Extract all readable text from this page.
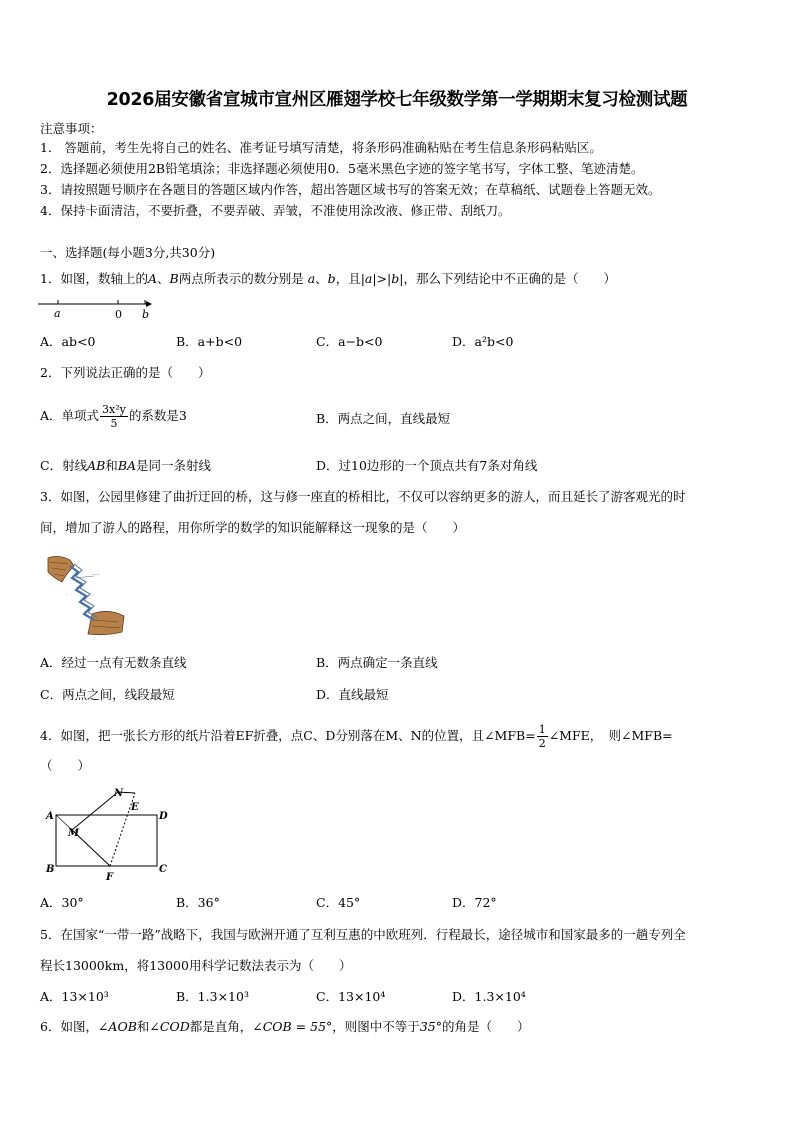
2026届安徽省宣城市宣州区雁翅学校七年级数学第一学期期末复习检测试题
注意事项：
1． 答题前，考生先将自己的姓名、准考证号填写清楚，将条形码准确粘贴在考生信息条形码粘贴区。
2．选择题必须使用2B铅笔填涂；非选择题必须使用0．5毫米黑色字迹的签字笔书写，字体工整、笔迹清楚。
3．请按照题号顺序在各题目的答题区域内作答，超出答题区域书写的答案无效；在草稿纸、试题卷上答题无效。
4．保持卡面清洁，不要折叠，不要弄破、弄皱，不准使用涂改液、修正带、刮纸刀。
一、选择题(每小题3分,共30分)
1．如图，数轴上的A、B两点所表示的数分别是 a、b，且|a|>|b|，那么下列结论中不正确的是（　　）
a	0 b
A．ab<0	B．a+b<0	C．a−b<0	D．a²b<0
2．下列说法正确的是（　　）
A．单项式 $\frac{\text{3x²y}}{5}$ 的系数是3	B．两点之间，直线最短
C．射线AB和BA是同一条射线	D．过10边形的一个顶点共有7条对角线
3．如图，公园里修建了曲折迂回的桥，这与修一座直的桥相比，不仅可以容纳更多的游人，而且延长了游客观光的时
间，增加了游人的路程，用你所学的数学的知识能解释这一现象的是（　　）
·····
·
A．经过一点有无数条直线	B．两点确定一条直线
C．两点之间，线段最短	D．直线最短
4．如图，把一张长方形的纸片沿着EF折叠，点C、D分别落在M、N的位置，且∠MFB= $\frac{1}{2}$ ∠MFE，　则∠MFB=
（　　）
A
B	C
D
E
F
M
N
A．30°	B．36°	C．45°	D．72°
5．在国家“一带一路”战略下，我国与欧洲开通了互利互惠的中欧班列．行程最长，途径城市和国家最多的一趟专列全
程长13000km，将13000用科学记数法表示为（　　）
A．13×10³	B．1.3×10³	C．13×10⁴	D．1.3×10⁴
6．如图，∠AOB和∠COD都是直角，∠COB = 55°，则图中不等于35°的角是（　　）
